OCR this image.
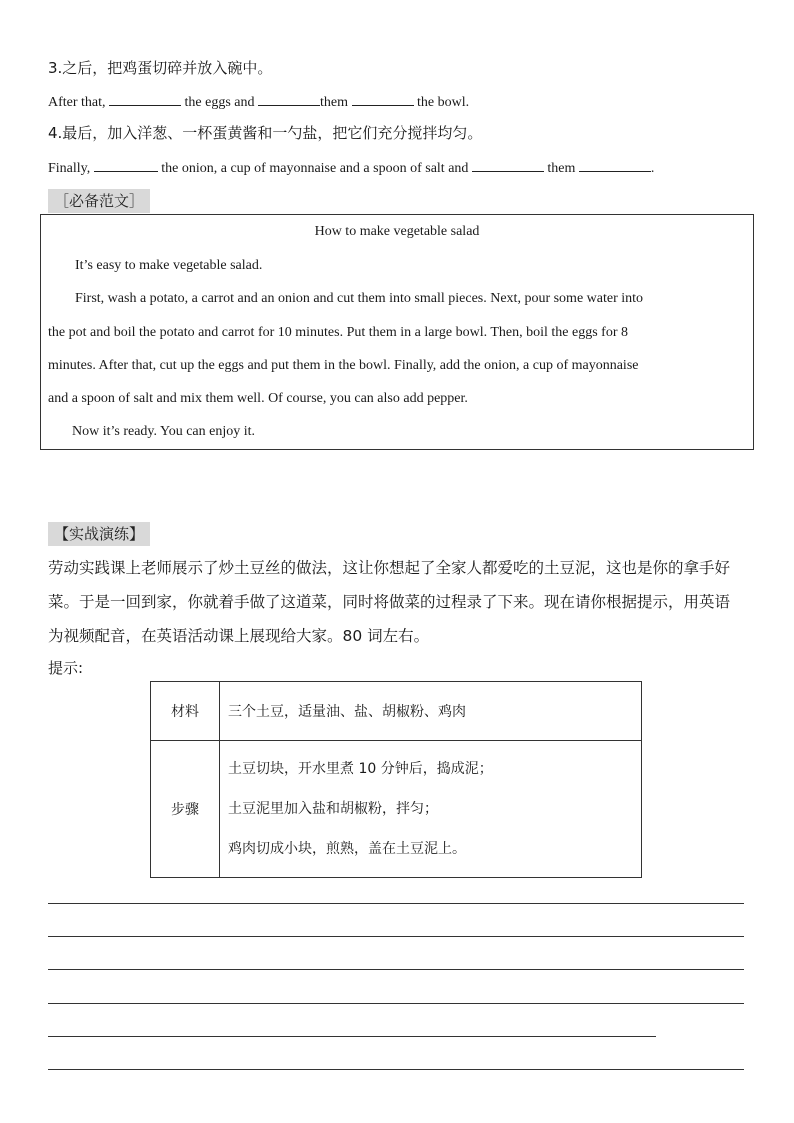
3.之后，把鸡蛋切碎并放入碗中。
After that,	the eggs and	them	the bowl.
4.最后，加入洋葱、一杯蛋黄酱和一勺盐，把它们充分搅拌均匀。
Finally,	the onion, a cup of mayonnaise and a spoon of salt and	them	.
［必备范文］

How to make vegetable salad

It’s easy to make vegetable salad.

First, wash a potato, a carrot and an onion and cut them into small pieces. Next, pour some water into

the pot and boil the potato and carrot for 10 minutes. Put them in a large bowl. Then, boil the eggs for 8

minutes. After that, cut up the eggs and put them in the bowl. Finally, add the onion, a cup of mayonnaise

and a spoon of salt and mix them well. Of course, you can also add pepper.

Now it’s ready. You can enjoy it.

【实战演练】
劳动实践课上老师展示了炒土豆丝的做法，这让你想起了全家人都爱吃的土豆泥，这也是你的拿手好
菜。于是一回到家，你就着手做了这道菜，同时将做菜的过程录了下来。现在请你根据提示，用英语
为视频配音，在英语活动课上展现给大家。80 词左右。
提示:
材料	三个土豆，适量油、盐、胡椒粉、鸡肉
步骤	土豆切块，开水里煮 10 分钟后，捣成泥；
土豆泥里加入盐和胡椒粉，拌匀；
鸡肉切成小块，煎熟，盖在土豆泥上。
